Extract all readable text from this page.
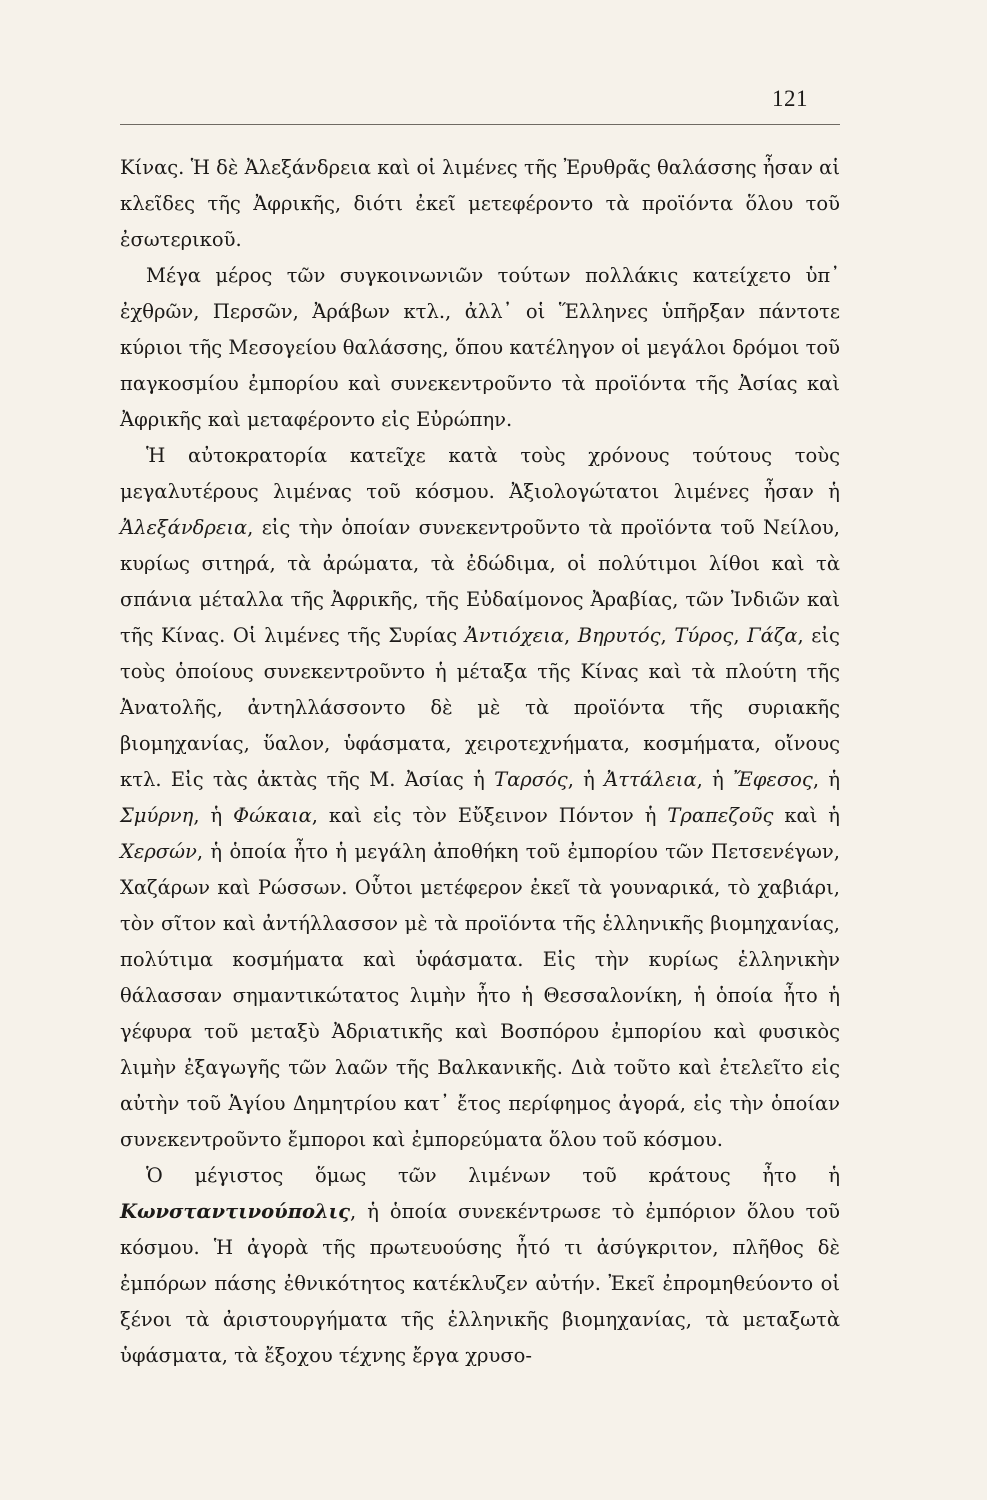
121

Κίνας. Ἡ δὲ Ἀλεξάνδρεια καὶ οἱ λιμένες τῆς Ἐρυθρᾶς θαλάσσης ἦσαν αἱ κλεῖδες τῆς Ἀφρικῆς, διότι ἐκεῖ μετεφέροντο τὰ προϊόντα ὅλου τοῦ ἐσωτερικοῦ.

Μέγα μέρος τῶν συγκοινωνιῶν τούτων πολλάκις κατείχετο ὑπ᾽ ἐχθρῶν, Περσῶν, Ἀράβων κτλ., ἀλλ᾽ οἱ Ἕλληνες ὑπῆρξαν πάντοτε κύριοι τῆς Μεσογείου θαλάσσης, ὅπου κατέληγον οἱ μεγάλοι δρόμοι τοῦ παγκοσμίου ἐμπορίου καὶ συνεκεντροῦντο τὰ προϊόντα τῆς Ἀσίας καὶ Ἀφρικῆς καὶ μεταφέροντο εἰς Εὐρώπην.

Ἡ αὐτοκρατορία κατεῖχε κατὰ τοὺς χρόνους τούτους τοὺς μεγαλυτέρους λιμένας τοῦ κόσμου. Ἀξιολογώτατοι λιμένες ἦσαν ἡ Ἀλεξάνδρεια, εἰς τὴν ὁποίαν συνεκεντροῦντο τὰ προϊόντα τοῦ Νείλου, κυρίως σιτηρά, τὰ ἀρώματα, τὰ ἐδώδιμα, οἱ πολύτιμοι λίθοι καὶ τὰ σπάνια μέταλλα τῆς Ἀφρικῆς, τῆς Εὐδαίμονος Ἀραβίας, τῶν Ἰνδιῶν καὶ τῆς Κίνας. Οἱ λιμένες τῆς Συρίας Ἀντιόχεια, Βηρυτός, Τύρος, Γάζα, εἰς τοὺς ὁποίους συνεκεντροῦντο ἡ μέταξα τῆς Κίνας καὶ τὰ πλούτη τῆς Ἀνατολῆς, ἀντηλλάσσοντο δὲ μὲ τὰ προϊόντα τῆς συριακῆς βιομηχανίας, ὕαλον, ὑφάσματα, χειροτεχνήματα, κοσμήματα, οἴνους κτλ. Εἰς τὰς ἀκτὰς τῆς Μ. Ἀσίας ἡ Ταρσός, ἡ Ἀττάλεια, ἡ Ἔφεσος, ἡ Σμύρνη, ἡ Φώκαια, καὶ εἰς τὸν Εὔξεινον Πόντον ἡ Τραπεζοῦς καὶ ἡ Χερσών, ἡ ὁποία ἦτο ἡ μεγάλη ἀποθήκη τοῦ ἐμπορίου τῶν Πετσενέγων, Χαζάρων καὶ Ρώσσων. Οὗτοι μετέφερον ἐκεῖ τὰ γουναρικά, τὸ χαβιάρι, τὸν σῖτον καὶ ἀντήλλασσον μὲ τὰ προϊόντα τῆς ἑλληνικῆς βιομηχανίας, πολύτιμα κοσμήματα καὶ ὑφάσματα. Εἰς τὴν κυρίως ἑλληνικὴν θάλασσαν σημαντικώτατος λιμὴν ἦτο ἡ Θεσσαλονίκη, ἡ ὁποία ἦτο ἡ γέφυρα τοῦ μεταξὺ Ἀδριατικῆς καὶ Βοσπόρου ἐμπορίου καὶ φυσικὸς λιμὴν ἐξαγωγῆς τῶν λαῶν τῆς Βαλκανικῆς. Διὰ τοῦτο καὶ ἐτελεῖτο εἰς αὐτὴν τοῦ Ἁγίου Δημητρίου κατ᾽ ἔτος περίφημος ἀγορά, εἰς τὴν ὁποίαν συνεκεντροῦντο ἔμποροι καὶ ἐμπορεύματα ὅλου τοῦ κόσμου.

Ὁ μέγιστος ὅμως τῶν λιμένων τοῦ κράτους ἦτο ἡ Κωνσταντινούπολις, ἡ ὁποία συνεκέντρωσε τὸ ἐμπόριον ὅλου τοῦ κόσμου. Ἡ ἀγορὰ τῆς πρωτευούσης ἦτό τι ἀσύγκριτον, πλῆθος δὲ ἐμπόρων πάσης ἐθνικότητος κατέκλυζεν αὐτήν. Ἐκεῖ ἐπρομηθεύοντο οἱ ξένοι τὰ ἀριστουργήματα τῆς ἑλληνικῆς βιομηχανίας, τὰ μεταξωτὰ ὑφάσματα, τὰ ἔξοχου τέχνης ἔργα χρυσο-
